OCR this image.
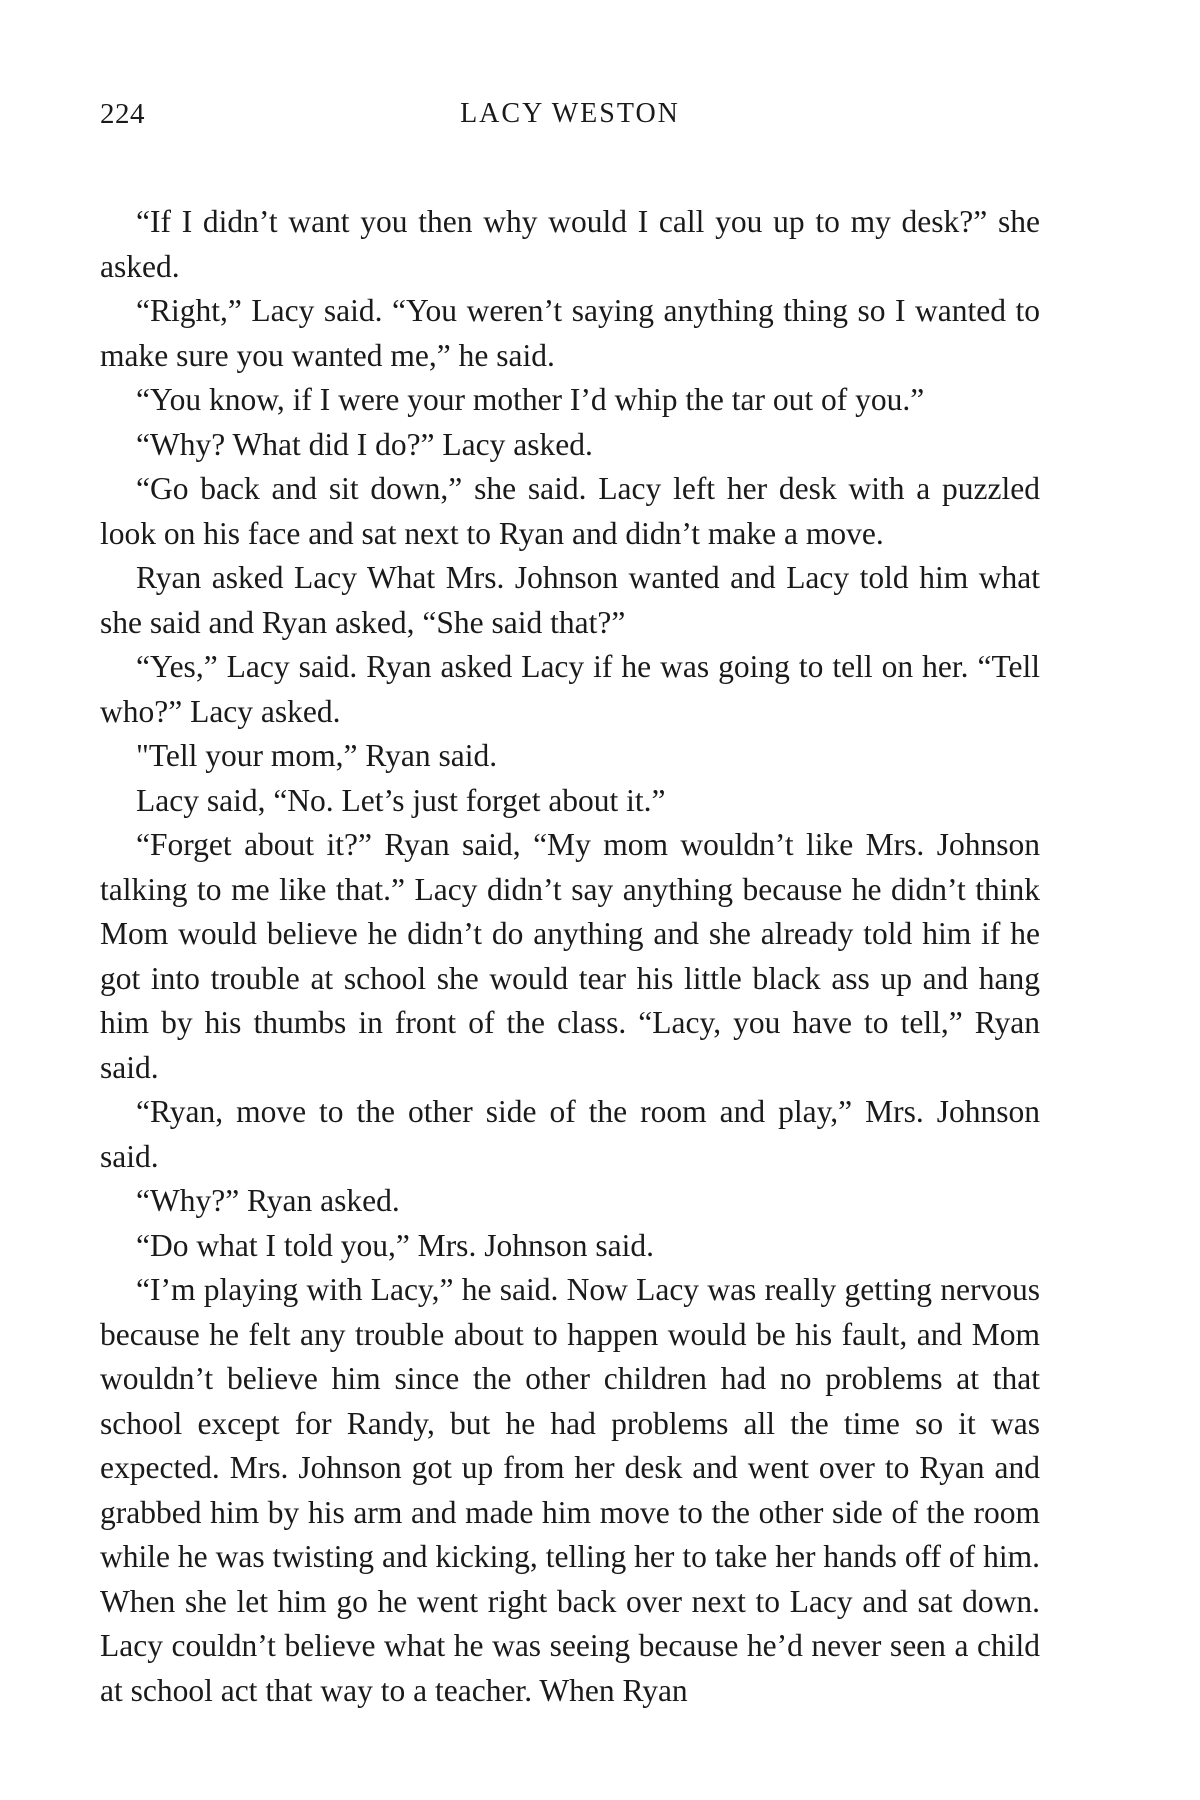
224	LACY WESTON

“If I didn’t want you then why would I call you up to my desk?” she asked.

“Right,” Lacy said. “You weren’t saying anything thing so I wanted to make sure you wanted me,” he said.

“You know, if I were your mother I’d whip the tar out of you.”

“Why? What did I do?” Lacy asked.

“Go back and sit down,” she said. Lacy left her desk with a puzzled look on his face and sat next to Ryan and didn’t make a move.

Ryan asked Lacy What Mrs. Johnson wanted and Lacy told him what she said and Ryan asked, “She said that?”

“Yes,” Lacy said. Ryan asked Lacy if he was going to tell on her. “Tell who?” Lacy asked.

"Tell your mom,” Ryan said.

Lacy said, “No. Let’s just forget about it.”

“Forget about it?” Ryan said, “My mom wouldn’t like Mrs. Johnson talking to me like that.” Lacy didn’t say anything because he didn’t think Mom would believe he didn’t do anything and she already told him if he got into trouble at school she would tear his little black ass up and hang him by his thumbs in front of the class. “Lacy, you have to tell,” Ryan said.

“Ryan, move to the other side of the room and play,” Mrs. Johnson said.

“Why?” Ryan asked.

“Do what I told you,” Mrs. Johnson said.

“I’m playing with Lacy,” he said. Now Lacy was really getting nervous because he felt any trouble about to happen would be his fault, and Mom wouldn’t believe him since the other children had no problems at that school except for Randy, but he had problems all the time so it was expected. Mrs. Johnson got up from her desk and went over to Ryan and grabbed him by his arm and made him move to the other side of the room while he was twisting and kicking, telling her to take her hands off of him. When she let him go he went right back over next to Lacy and sat down. Lacy couldn’t believe what he was seeing because he’d never seen a child at school act that way to a teacher. When Ryan
